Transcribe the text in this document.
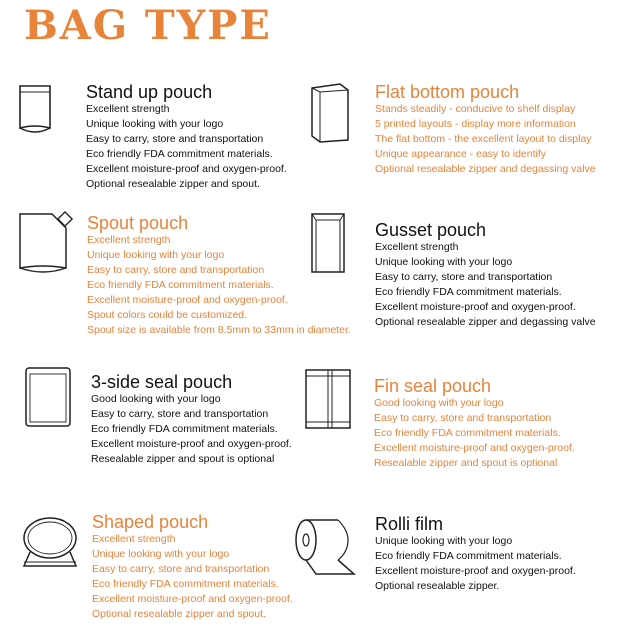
BAG TYPE
Stand up pouch
Excellent strength
Unique looking with your logo
Easy to carry, store and transportation
Eco friendly FDA commitment materials.
Excellent moisture-proof and oxygen-proof.
Optional resealable zipper and spout.
Flat bottom pouch
Stands steadily - conducive to shelf display
5 printed layouts - display more information
The flat bottom - the excellent layout to display
Unique appearance - easy to identify
Optional resealable zipper and degassing valve
Spout pouch
Excellent strength
Unique looking with your logo
Easy to carry, store and transportation
Eco friendly FDA commitment materials.
Excellent moisture-proof and oxygen-proof.
Spout colors could be customized.
Spout size is available from 8.5mm to 33mm in diameter.
Gusset pouch
Excellent strength
Unique looking with your logo
Easy to carry, store and transportation
Eco friendly FDA commitment materials.
Excellent moisture-proof and oxygen-proof.
Optional resealable zipper and degassing valve
3-side seal pouch
Good looking with your logo
Easy to carry, store and transportation
Eco friendly FDA commitment materials.
Excellent moisture-proof and oxygen-proof.
Resealable zipper and spout is optional
Fin seal pouch
Good looking with your logo
Easy to carry, store and transportation
Eco friendly FDA commitment materials.
Excellent moisture-proof and oxygen-proof.
Resealable zipper and spout is optional
Shaped pouch
Excellent strength
Unique looking with your logo
Easy to carry, store and transportation
Eco friendly FDA commitment materials.
Excellent moisture-proof and oxygen-proof.
Optional resealable zipper and spout.
Rolli film
Unique looking with your logo
Eco friendly FDA commitment materials.
Excellent moisture-proof and oxygen-proof.
Optional resealable zipper.
